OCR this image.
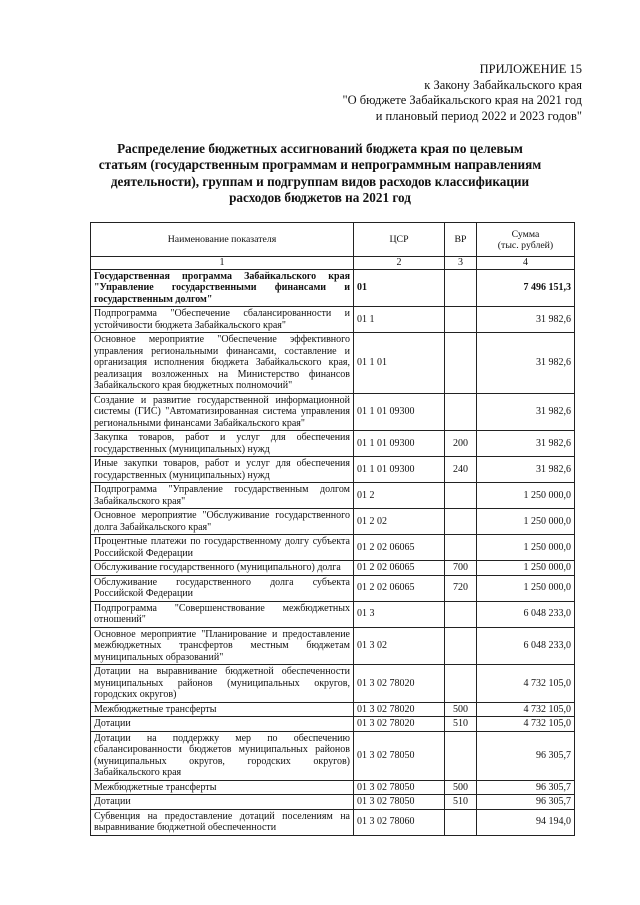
ПРИЛОЖЕНИЕ 15
к Закону Забайкальского края
"О бюджете Забайкальского края на 2021 год
и плановый период 2022 и 2023 годов"
Распределение бюджетных ассигнований бюджета края по целевым
статьям (государственным программам и непрограммным направлениям
деятельности), группам и подгруппам видов расходов классификации
расходов бюджетов на 2021 год
Наименование показателя	ЦСР	ВР	Сумма
(тыс. рублей)

1	2	3	4
Государственная программа Забайкальского края "Управление государственными финансами и государственным долгом"	01		7 496 151,3
Подпрограмма "Обеспечение сбалансированности и устойчивости бюджета Забайкальского края"	01 1		31 982,6
Основное мероприятие "Обеспечение эффективного управления региональными финансами, составление и организация исполнения бюджета Забайкальского края, реализация возложенных на Министерство финансов Забайкальского края бюджетных полномочий"	01 1 01		31 982,6
Создание и развитие государственной информационной системы (ГИС) "Автоматизированная система управления региональными финансами Забайкальского края"	01 1 01 09300		31 982,6
Закупка товаров, работ и услуг для обеспечения государственных (муниципальных) нужд	01 1 01 09300	200	31 982,6
Иные закупки товаров, работ и услуг для обеспечения государственных (муниципальных) нужд	01 1 01 09300	240	31 982,6
Подпрограмма "Управление государственным долгом Забайкальского края"	01 2		1 250 000,0
Основное мероприятие "Обслуживание государственного долга Забайкальского края"	01 2 02		1 250 000,0
Процентные платежи по государственному долгу субъекта Российской Федерации	01 2 02 06065		1 250 000,0
Обслуживание государственного (муниципального) долга	01 2 02 06065	700	1 250 000,0
Обслуживание государственного долга субъекта Российской Федерации	01 2 02 06065	720	1 250 000,0
Подпрограмма "Совершенствование межбюджетных отношений"	01 3		6 048 233,0
Основное мероприятие "Планирование и предоставление межбюджетных трансфертов местным бюджетам муниципальных образований"	01 3 02		6 048 233,0
Дотации на выравнивание бюджетной обеспеченности муниципальных районов (муниципальных округов, городских округов)	01 3 02 78020		4 732 105,0
Межбюджетные трансферты	01 3 02 78020	500	4 732 105,0
Дотации	01 3 02 78020	510	4 732 105,0
Дотации на поддержку мер по обеспечению сбалансированности бюджетов муниципальных районов (муниципальных округов, городских округов) Забайкальского края	01 3 02 78050		96 305,7
Межбюджетные трансферты	01 3 02 78050	500	96 305,7
Дотации	01 3 02 78050	510	96 305,7
Субвенция на предоставление дотаций поселениям на выравнивание бюджетной обеспеченности	01 3 02 78060		94 194,0
